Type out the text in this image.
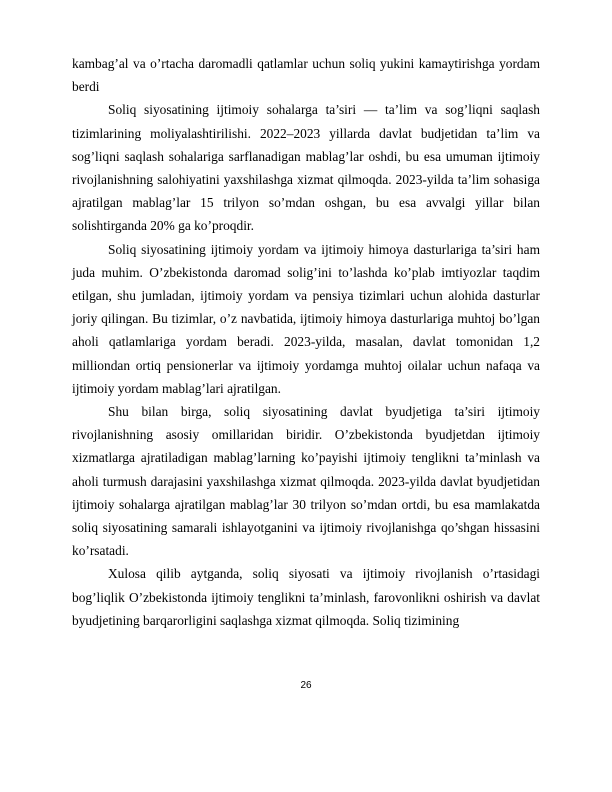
kambag’al va o’rtacha daromadli qatlamlar uchun soliq yukini kamaytirishga yordam berdi

Soliq siyosatining ijtimoiy sohalarga ta’siri — ta’lim va sog’liqni saqlash tizimlarining moliyalashtirilishi. 2022–2023 yillarda davlat budjetidan ta’lim va sog’liqni saqlash sohalariga sarflanadigan mablag’lar oshdi, bu esa umuman ijtimoiy rivojlanishning salohiyatini yaxshilashga xizmat qilmoqda. 2023-yilda ta’lim sohasiga ajratilgan mablag’lar 15 trilyon so’mdan oshgan, bu esa avvalgi yillar bilan solishtirganda 20% ga ko’proqdir.

Soliq siyosatining ijtimoiy yordam va ijtimoiy himoya dasturlariga ta’siri ham juda muhim. O’zbekistonda daromad solig’ini to’lashda ko’plab imtiyozlar taqdim etilgan, shu jumladan, ijtimoiy yordam va pensiya tizimlari uchun alohida dasturlar joriy qilingan. Bu tizimlar, o’z navbatida, ijtimoiy himoya dasturlariga muhtoj bo’lgan aholi qatlamlariga yordam beradi. 2023-yilda, masalan, davlat tomonidan 1,2 milliondan ortiq pensionerlar va ijtimoiy yordamga muhtoj oilalar uchun nafaqa va ijtimoiy yordam mablag’lari ajratilgan.

Shu bilan birga, soliq siyosatining davlat byudjetiga ta’siri ijtimoiy rivojlanishning asosiy omillaridan biridir. O’zbekistonda byudjetdan ijtimoiy xizmatlarga ajratiladigan mablag’larning ko’payishi ijtimoiy tenglikni ta’minlash va aholi turmush darajasini yaxshilashga xizmat qilmoqda. 2023-yilda davlat byudjetidan ijtimoiy sohalarga ajratilgan mablag’lar 30 trilyon so’mdan ortdi, bu esa mamlakatda soliq siyosatining samarali ishlayotganini va ijtimoiy rivojlanishga qo’shgan hissasini ko’rsatadi.

Xulosa qilib aytganda, soliq siyosati va ijtimoiy rivojlanish o’rtasidagi bog’liqlik O’zbekistonda ijtimoiy tenglikni ta’minlash, farovonlikni oshirish va davlat byudjetining barqarorligini saqlashga xizmat qilmoqda. Soliq tizimining

26
